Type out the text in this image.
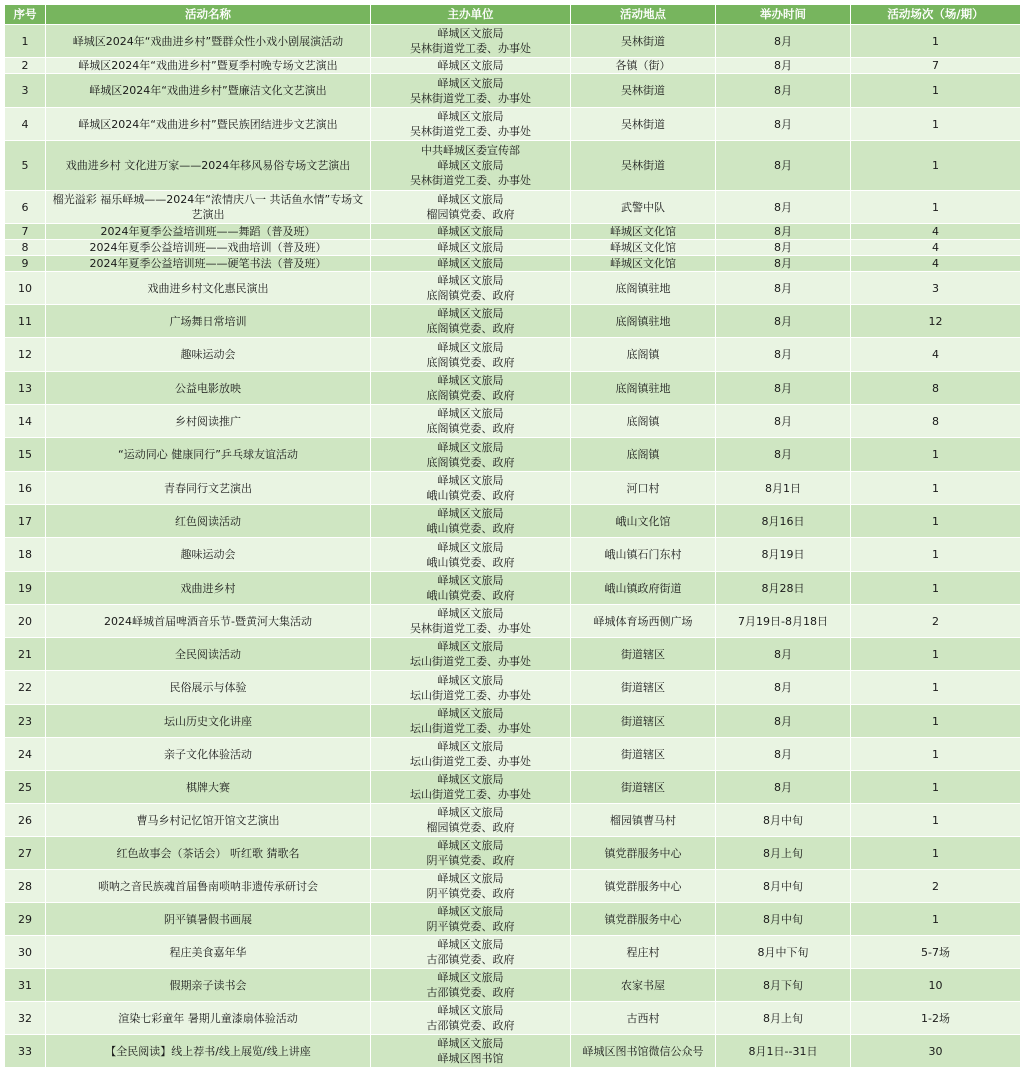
序号	活动名称	主办单位	活动地点	举办时间	活动场次（场/期）
1	峄城区2024年“戏曲进乡村”暨群众性小戏小剧展演活动	峄城区文旅局
吴林街道党工委、办事处	吴林街道	8月	1
2	峄城区2024年“戏曲进乡村”暨夏季村晚专场文艺演出	峄城区文旅局	各镇（街）	8月	7
3	峄城区2024年“戏曲进乡村”暨廉洁文化文艺演出	峄城区文旅局
吴林街道党工委、办事处	吴林街道	8月	1
4	峄城区2024年“戏曲进乡村”暨民族团结进步文艺演出	峄城区文旅局
吴林街道党工委、办事处	吴林街道	8月	1
5	戏曲进乡村 文化进万家——2024年移风易俗专场文艺演出	中共峄城区委宣传部
峄城区文旅局
吴林街道党工委、办事处	吴林街道	8月	1
6	榴光溢彩 福乐峄城——2024年“浓情庆八一 共话鱼水情”专场文艺演出	峄城区文旅局
榴园镇党委、政府	武警中队	8月	1
7	2024年夏季公益培训班——舞蹈（普及班）	峄城区文旅局	峄城区文化馆	8月	4
8	2024年夏季公益培训班——戏曲培训（普及班）	峄城区文旅局	峄城区文化馆	8月	4
9	2024年夏季公益培训班——硬笔书法（普及班）	峄城区文旅局	峄城区文化馆	8月	4
10	戏曲进乡村文化惠民演出	峄城区文旅局
底阁镇党委、政府	底阁镇驻地	8月	3
11	广场舞日常培训	峄城区文旅局
底阁镇党委、政府	底阁镇驻地	8月	12
12	趣味运动会	峄城区文旅局
底阁镇党委、政府	底阁镇	8月	4
13	公益电影放映	峄城区文旅局
底阁镇党委、政府	底阁镇驻地	8月	8
14	乡村阅读推广	峄城区文旅局
底阁镇党委、政府	底阁镇	8月	8
15	“运动同心 健康同行”乒乓球友谊活动	峄城区文旅局
底阁镇党委、政府	底阁镇	8月	1
16	青春同行文艺演出	峄城区文旅局
峨山镇党委、政府	河口村	8月1日	1
17	红色阅读活动	峄城区文旅局
峨山镇党委、政府	峨山文化馆	8月16日	1
18	趣味运动会	峄城区文旅局
峨山镇党委、政府	峨山镇石门东村	8月19日	1
19	戏曲进乡村	峄城区文旅局
峨山镇党委、政府	峨山镇政府街道	8月28日	1
20	2024峄城首届啤酒音乐节-暨黄河大集活动	峄城区文旅局
吴林街道党工委、办事处	峄城体育场西侧广场	7月19日-8月18日	2
21	全民阅读活动	峄城区文旅局
坛山街道党工委、办事处	街道辖区	8月	1
22	民俗展示与体验	峄城区文旅局
坛山街道党工委、办事处	街道辖区	8月	1
23	坛山历史文化讲座	峄城区文旅局
坛山街道党工委、办事处	街道辖区	8月	1
24	亲子文化体验活动	峄城区文旅局
坛山街道党工委、办事处	街道辖区	8月	1
25	棋牌大赛	峄城区文旅局
坛山街道党工委、办事处	街道辖区	8月	1
26	曹马乡村记忆馆开馆文艺演出	峄城区文旅局
榴园镇党委、政府	榴园镇曹马村	8月中旬	1
27	红色故事会（茶话会） 听红歌 猜歌名	峄城区文旅局
阴平镇党委、政府	镇党群服务中心	8月上旬	1
28	唢呐之音民族魂首届鲁南唢呐非遗传承研讨会	峄城区文旅局
阴平镇党委、政府	镇党群服务中心	8月中旬	2
29	阴平镇暑假书画展	峄城区文旅局
阴平镇党委、政府	镇党群服务中心	8月中旬	1
30	程庄美食嘉年华	峄城区文旅局
古邵镇党委、政府	程庄村	8月中下旬	5-7场
31	假期亲子读书会	峄城区文旅局
古邵镇党委、政府	农家书屋	8月下旬	10
32	渲染七彩童年 暑期儿童漆扇体验活动	峄城区文旅局
古邵镇党委、政府	古西村	8月上旬	1-2场
33	【全民阅读】线上荐书/线上展览/线上讲座	峄城区文旅局
峄城区图书馆	峄城区图书馆微信公众号	8月1日--31日	30
